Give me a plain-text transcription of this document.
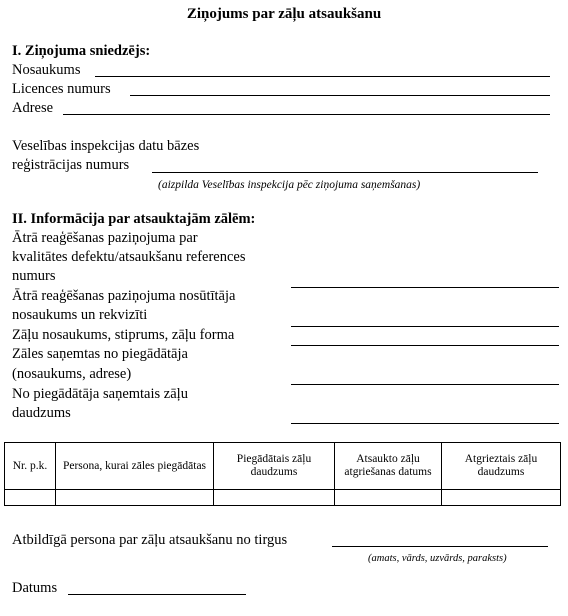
Ziņojums par zāļu atsaukšanu
I. Ziņojuma sniedzējs:
Nosaukums
Licences numurs
Adrese
Veselības inspekcijas datu bāzes
reģistrācijas numurs
(aizpilda Veselības inspekcija pēc ziņojuma saņemšanas)
II. Informācija par atsauktajām zālēm:
Ātrā reaģēšanas paziņojuma par
kvalitātes defektu/atsaukšanu references
numurs
Ātrā reaģēšanas paziņojuma nosūtītāja
nosaukums un rekvizīti
Zāļu nosaukums, stiprums, zāļu forma
Zāles saņemtas no piegādātāja
(nosaukums, adrese)
No piegādātāja saņemtais zāļu
daudzums
Nr. p.k.	Persona, kurai zāles piegādātas	Piegādātais zāļu daudzums	Atsaukto zāļu atgriešanas datums	Atgrieztais zāļu daudzums

Atbildīgā persona par zāļu atsaukšanu no tirgus
(amats, vārds, uzvārds, paraksts)
Datums
